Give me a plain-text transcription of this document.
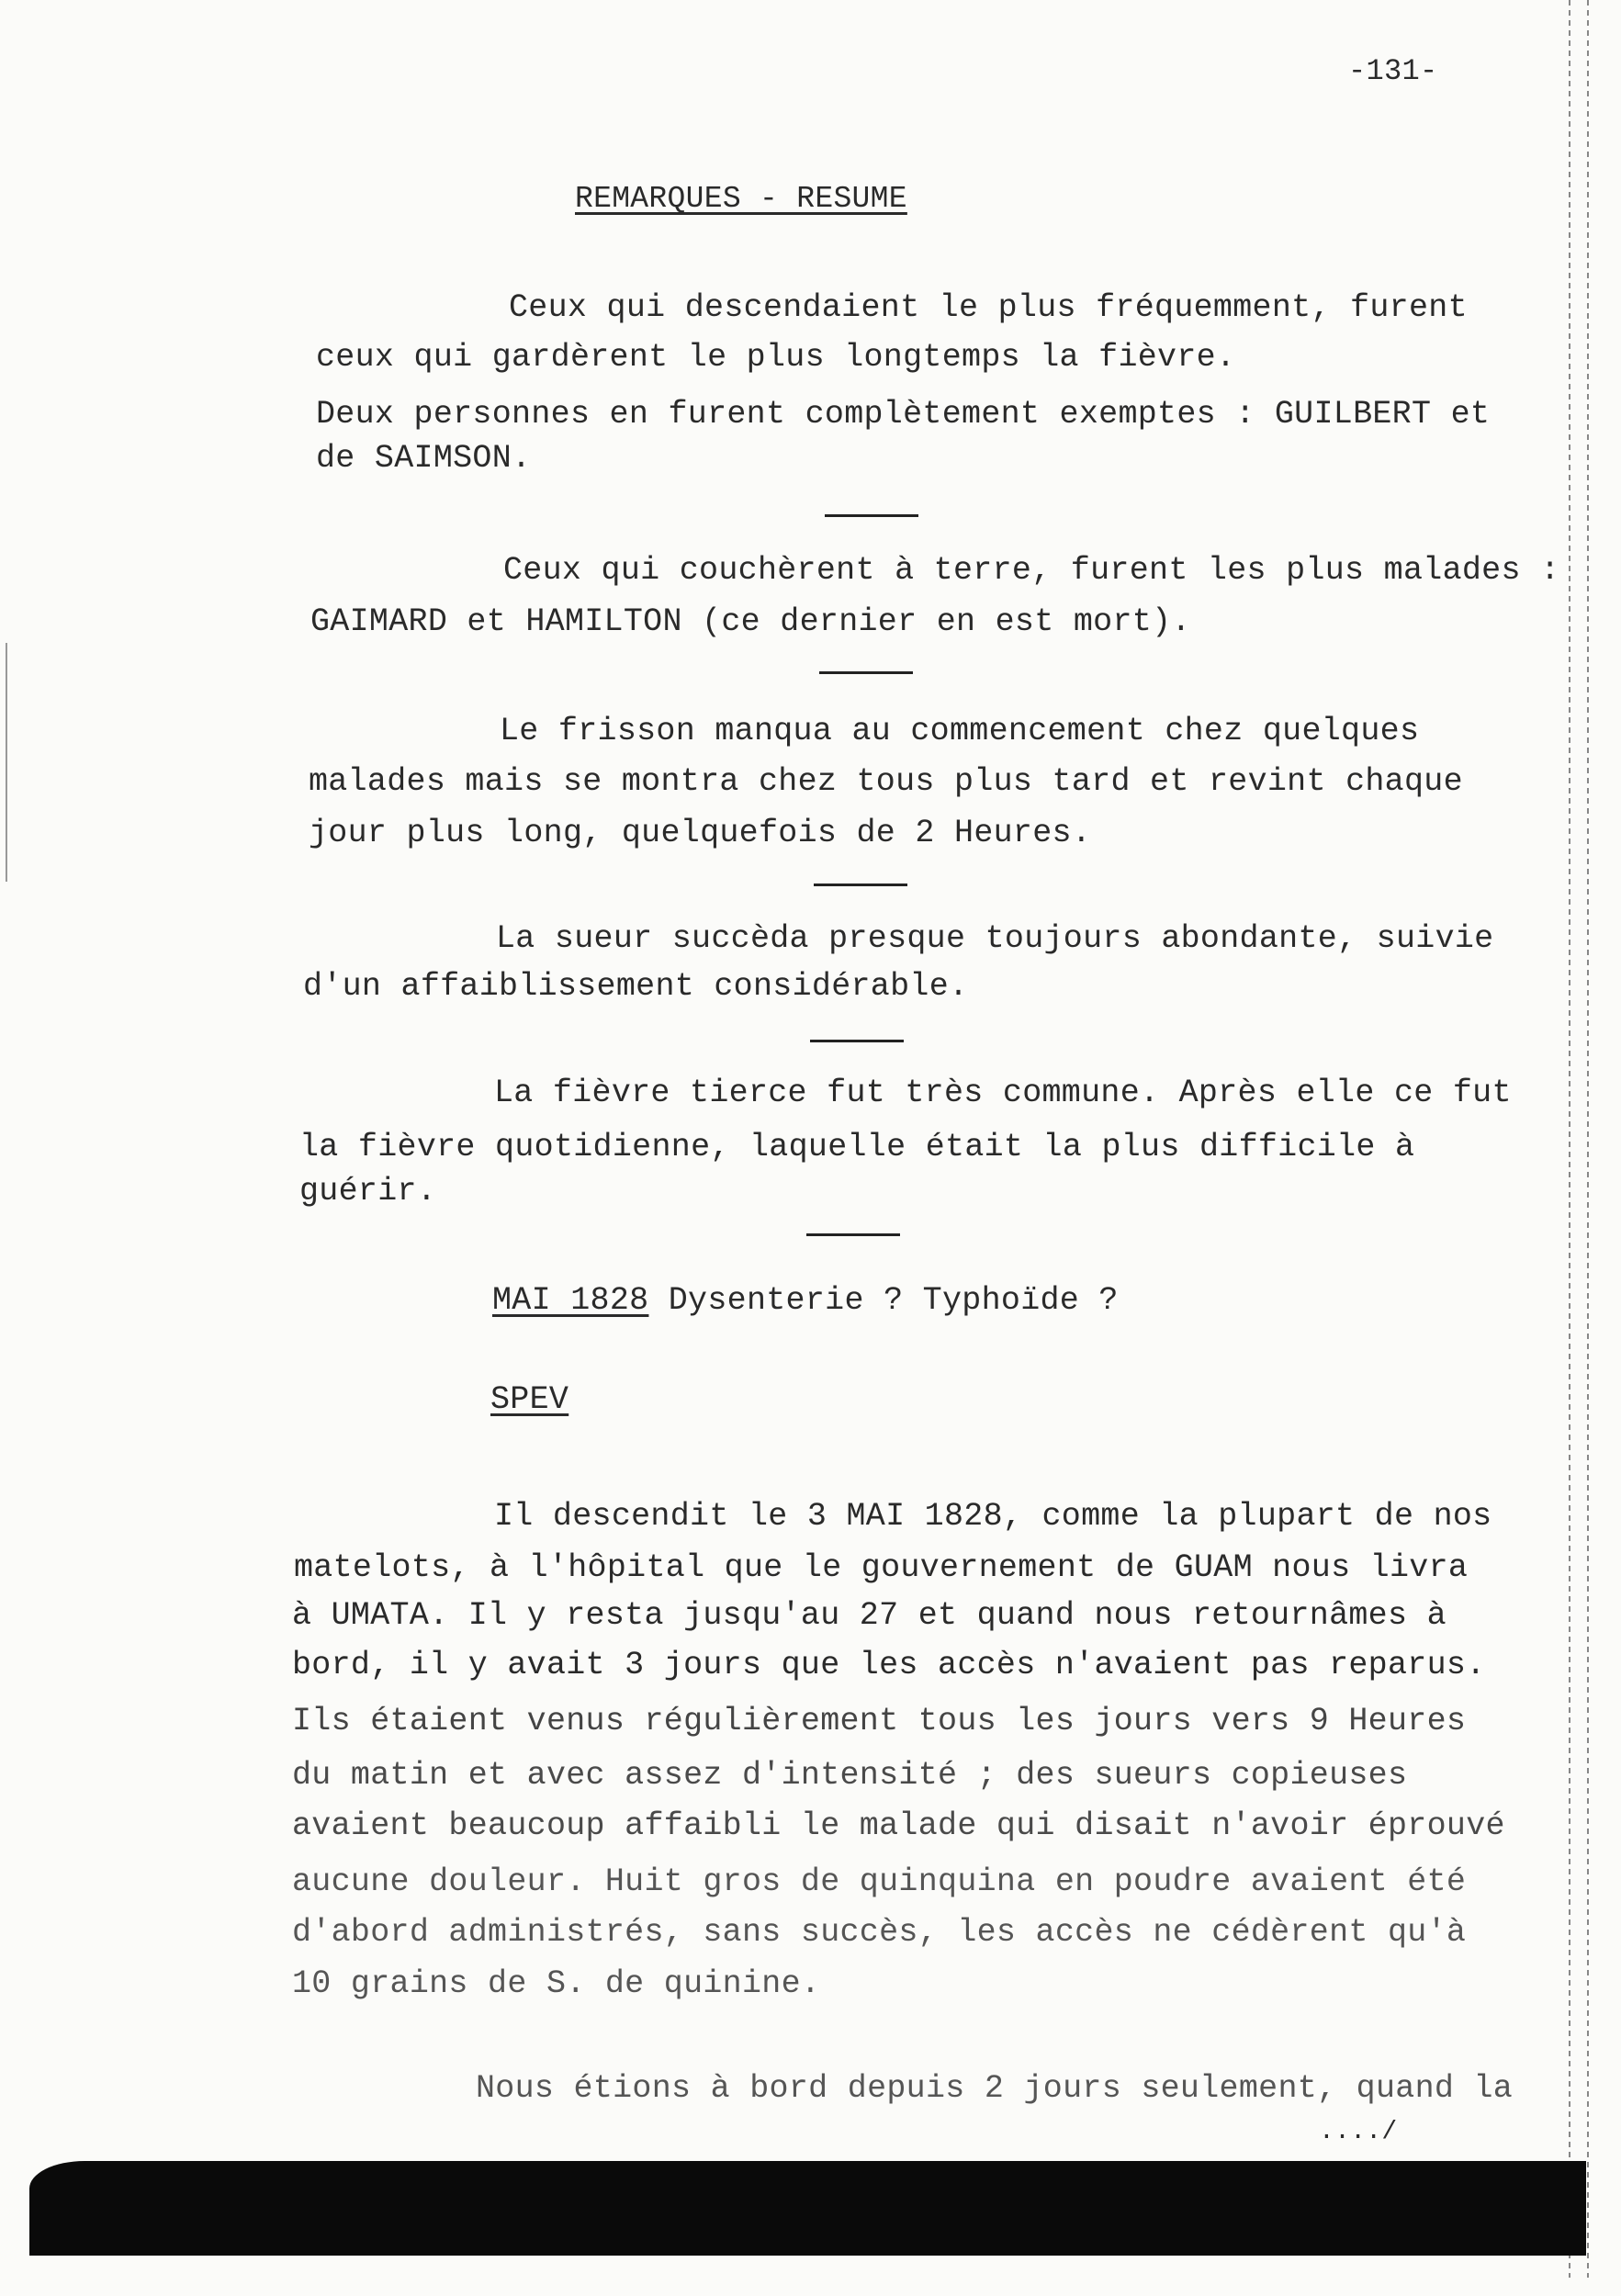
-131-
REMARQUES - RESUME
Ceux qui descendaient le plus fréquemment, furent
ceux qui gardèrent le plus longtemps la fièvre.
Deux personnes en furent complètement exemptes : GUILBERT et
de SAIMSON.
Ceux qui couchèrent à terre, furent les plus malades :
GAIMARD et HAMILTON (ce dernier en est mort).
Le frisson manqua au commencement chez quelques
malades mais se montra chez tous plus tard et revint chaque
jour plus long, quelquefois de 2 Heures.
La sueur succèda presque toujours abondante, suivie
d'un affaiblissement considérable.
La fièvre tierce fut très commune. Après elle ce fut
la fièvre quotidienne, laquelle était la plus difficile à
guérir.
MAI 1828 Dysenterie ? Typhoïde ?
SPEV
Il descendit le 3 MAI 1828, comme la plupart de nos
matelots, à l'hôpital que le gouvernement de GUAM nous livra
à UMATA. Il y resta jusqu'au 27 et quand nous retournâmes à
bord, il y avait 3 jours que les accès n'avaient pas reparus.
Ils étaient venus régulièrement tous les jours vers 9 Heures
du matin et avec assez d'intensité ; des sueurs copieuses
avaient beaucoup affaibli le malade qui disait n'avoir éprouvé
aucune douleur. Huit gros de quinquina en poudre avaient été
d'abord administrés, sans succès, les accès ne cédèrent qu'à
10 grains de S. de quinine.
Nous étions à bord depuis 2 jours seulement, quand la
..../
